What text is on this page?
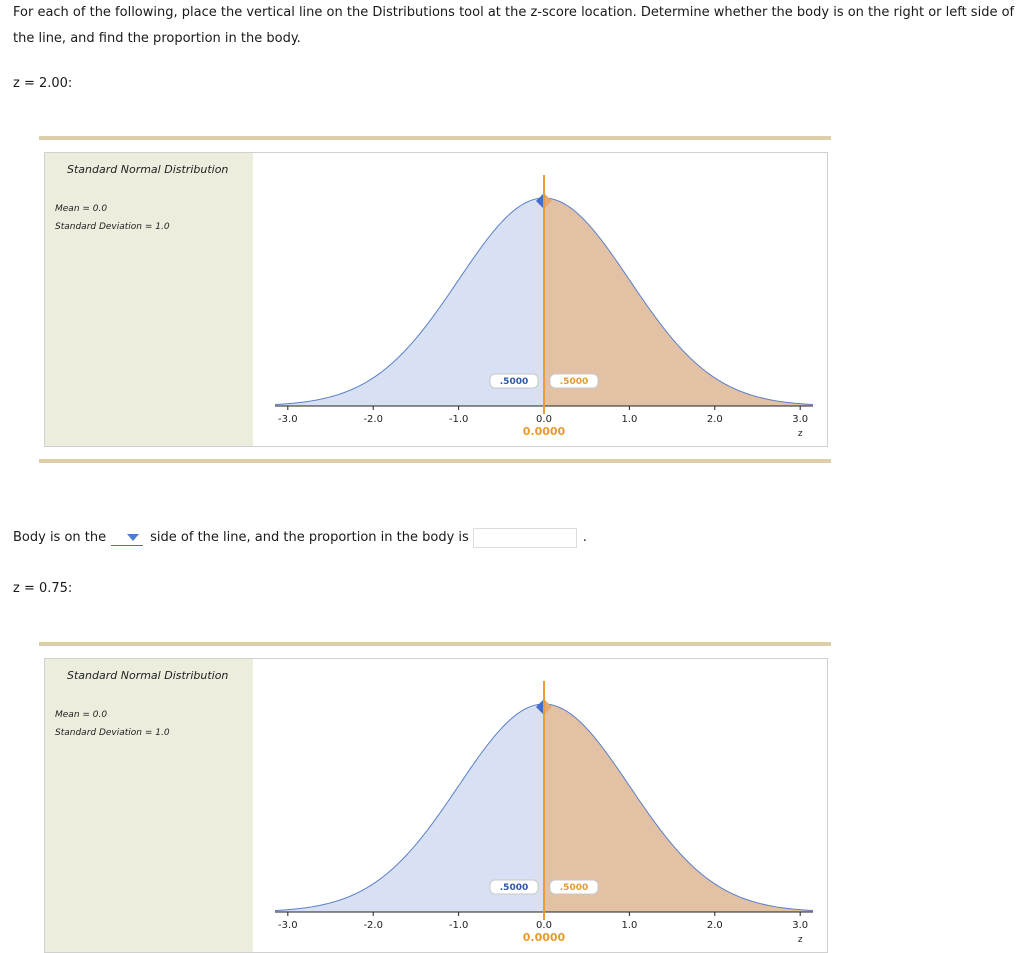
For each of the following, place the vertical line on the Distributions tool at the z-score location. Determine whether the body is on the right or left side of the line, and find the proportion in the body.

z = 2.00:
Standard Normal Distribution
Mean = 0.0
Standard Deviation = 1.0
-3.0	-2.0	-1.0	0.0	1.0	2.0	3.0
z
.5000	.5000
0.0000
Body is on the	side of the line, and the proportion in the body is	.
z = 0.75:
Standard Normal Distribution
Mean = 0.0
Standard Deviation = 1.0
-3.0	-2.0	-1.0	0.0	1.0	2.0	3.0
z
.5000	.5000
0.0000
